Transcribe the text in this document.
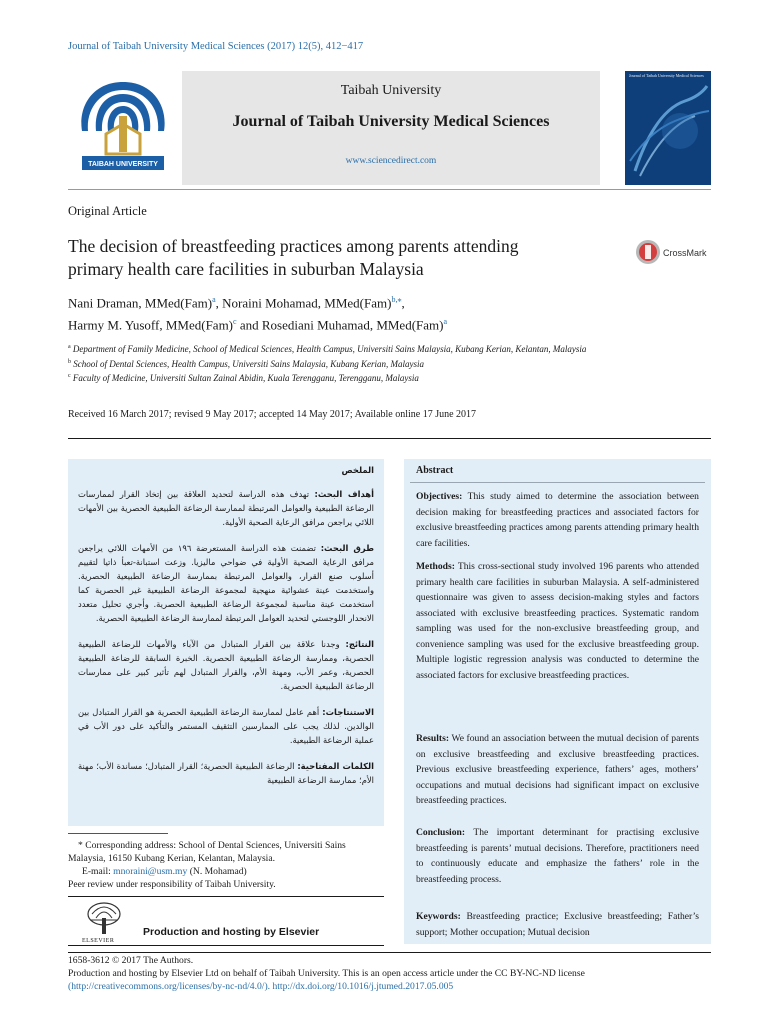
Journal of Taibah University Medical Sciences (2017) 12(5), 412−417
TAIBAH UNIVERSITY
Taibah University
Journal of Taibah University Medical Sciences
www.sciencedirect.com
Journal of Taibah University Medical Sciences
Original Article
The decision of breastfeeding practices among parents attending primary health care facilities in suburban Malaysia
CrossMark
Nani Draman, MMed(Fam)$^a$, Noraini Mohamad, MMed(Fam)$^{b,⁎}$,
Harmy M. Yusoff, MMed(Fam)$^c$ and Rosediani Muhamad, MMed(Fam)$^a$
$^a$ Department of Family Medicine, School of Medical Sciences, Health Campus, Universiti Sains Malaysia, Kubang Kerian, Kelantan, Malaysia
$^b$ School of Dental Sciences, Health Campus, Universiti Sains Malaysia, Kubang Kerian, Malaysia
$^c$ Faculty of Medicine, Universiti Sultan Zainal Abidin, Kuala Terengganu, Terengganu, Malaysia
Received 16 March 2017; revised 9 May 2017; accepted 14 May 2017; Available online 17 June 2017
الملخص

أهداف البحث: تهدف هذه الدراسة لتحديد العلاقة بين إتخاذ القرار لممارسات الرضاعة الطبيعية والعوامل المرتبطة لممارسة الرضاعة الطبيعية الحصرية بين الأمهات اللائي يراجعن مرافق الرعاية الصحية الأولية.

طرق البحث: تضمنت هذه الدراسة المستعرضة ١٩٦ من الأمهات اللائي يراجعن مرافق الرعاية الصحية الأولية في ضواحي ماليزيا. وزعت استبانة-تعبأ ذاتيا لتقييم أسلوب صنع القرار، والعوامل المرتبطة بممارسة الرضاعة الطبيعية الحصرية. واستخدمت عينة عشوائية منهجية لمجموعة الرضاعة الطبيعية غير الحصرية كما استخدمت عينة مناسبة لمجموعة الرضاعة الطبيعية الحصرية. وأجري تحليل متعدد الانحدار اللوجستي لتحديد العوامل المرتبطة لممارسة الرضاعة الطبيعية الحصرية.

النتائج: وجدنا علاقة بين القرار المتبادل من الآباء والأمهات للرضاعة الطبيعية الحصرية، وممارسة الرضاعة الطبيعية الحصرية. الخبرة السابقة للرضاعة الطبيعية الحصرية، وعمر الأب، ومهنة الأم، والقرار المتبادل لهم تأثير كبير على ممارسات الرضاعة الطبيعية الحصرية.

الاستنتاجات: أهم عامل لممارسة الرضاعة الطبيعية الحصرية هو القرار المتبادل بين الوالدين. لذلك يجب على الممارسين التثقيف المستمر والتأكيد على دور الأب في عملية الرضاعة الطبيعية.

الكلمات المفتاحية: الرضاعة الطبيعية الحصرية؛ القرار المتبادل؛ مساندة الأب؛ مهنة الأم؛ ممارسة الرضاعة الطبيعية

* Corresponding address: School of Dental Sciences, Universiti Sains Malaysia, 16150 Kubang Kerian, Kelantan, Malaysia.
E-mail: mnoraini@usm.my (N. Mohamad)
Peer review under responsibility of Taibah University.
ELSEVIER
Production and hosting by Elsevier
Abstract
Objectives: This study aimed to determine the association between decision making for breastfeeding practices and associated factors for exclusive breastfeeding practices among parents attending primary health care facilities.
Methods: This cross-sectional study involved 196 parents who attended primary health care facilities in suburban Malaysia. A self-administered questionnaire was given to assess decision-making styles and factors associated with exclusive breastfeeding practices. Systematic random sampling was used for the non-exclusive breastfeeding group, and convenience sampling was used for the exclusive breastfeeding group. Multiple logistic regression analysis was conducted to determine the associated factors for exclusive breastfeeding practices.
Results: We found an association between the mutual decision of parents on exclusive breastfeeding and exclusive breastfeeding practices. Previous exclusive breastfeeding experience, fathers’ ages, mothers’ occupations and mutual decisions had significant impact on exclusive breastfeeding practices.
Conclusion: The important determinant for practising exclusive breastfeeding is parents’ mutual decisions. Therefore, practitioners need to continuously educate and emphasize the fathers’ role in the breastfeeding process.
Keywords: Breastfeeding practice; Exclusive breastfeeding; Father’s support; Mother occupation; Mutual decision
1658-3612 © 2017 The Authors.
Production and hosting by Elsevier Ltd on behalf of Taibah University. This is an open access article under the CC BY-NC-ND license
(http://creativecommons.org/licenses/by-nc-nd/4.0/). http://dx.doi.org/10.1016/j.jtumed.2017.05.005
